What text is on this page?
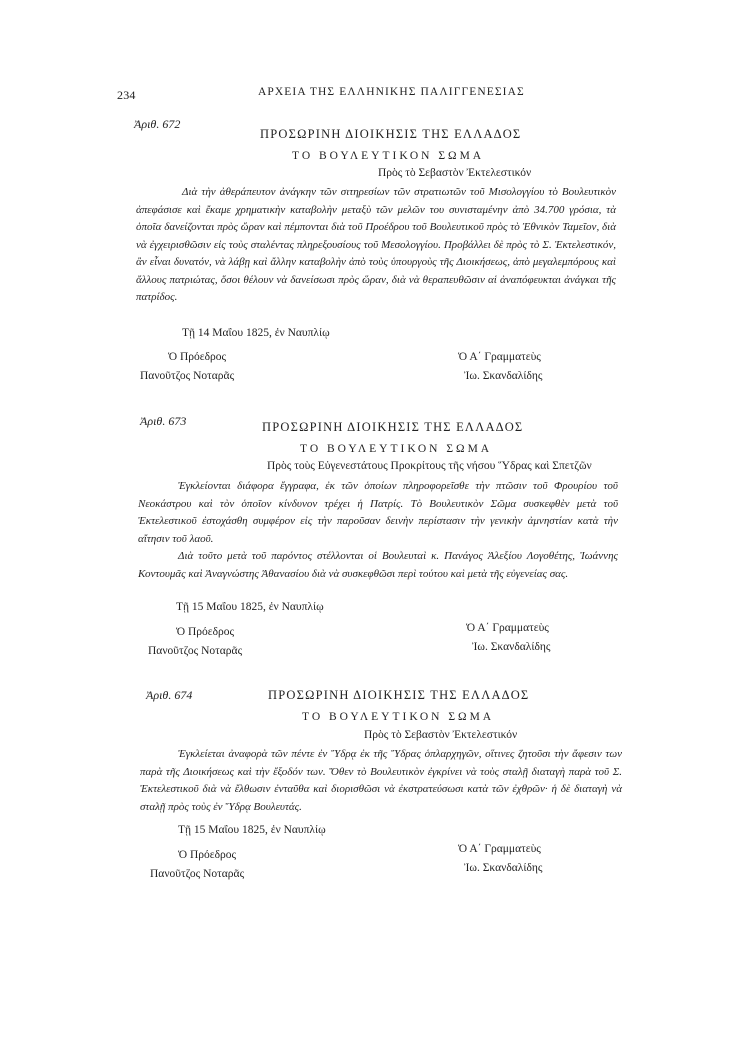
234	ΑΡΧΕΙΑ ΤΗΣ ΕΛΛΗΝΙΚΗΣ ΠΑΛΙΓΓΕΝΕΣΙΑΣ
Ἀριθ. 672
ΠΡΟΣΩΡΙΝΗ ΔΙΟΙΚΗΣΙΣ ΤΗΣ ΕΛΛΑΔΟΣ
ΤΟ ΒΟΥΛΕΥΤΙΚΟΝ ΣΩΜΑ
Πρὸς τὸ Σεβαστὸν Ἐκτελεστικόν
Διὰ τὴν ἀθεράπευτον ἀνάγκην τῶν σιτηρεσίων τῶν στρατιωτῶν τοῦ Μισολογγίου τὸ Βουλευτικὸν ἀπεφάσισε καὶ ἔκαμε χρηματικὴν καταβολὴν μεταξὺ τῶν μελῶν του συνισταμένην ἀπὸ 34.700 γρόσια, τὰ ὁποῖα δανείζονται πρὸς ὥραν καὶ πέμπονται διὰ τοῦ Προέδρου τοῦ Βουλευτικοῦ πρὸς τὸ Ἐθνικὸν Ταμεῖον, διὰ νὰ ἐγχειρισθῶσιν εἰς τοὺς σταλέντας πληρεξουσίους τοῦ Μεσολογγίου. Προβάλλει δὲ πρὸς τὸ Σ. Ἐκτελεστικόν, ἂν εἶναι δυνατόν, νὰ λάβῃ καὶ ἄλλην καταβολὴν ἀπὸ τοὺς ὑπουργοὺς τῆς Διοικήσεως, ἀπὸ μεγαλεμπόρους καὶ ἄλλους πατριώτας, ὅσοι θέλουν νὰ δανείσωσι πρὸς ὥραν, διὰ νὰ θεραπευθῶσιν αἱ ἀναπόφευκται ἀνάγκαι τῆς πατρίδος.
Τῇ 14 Μαΐου 1825, ἐν Ναυπλίῳ
Ὁ Πρόεδρος
Πανοῦτζος Νοταρᾶς
Ὁ Α΄ Γραμματεὺς
Ἰω. Σκανδαλίδης
Ἀριθ. 673	ΠΡΟΣΩΡΙΝΗ ΔΙΟΙΚΗΣΙΣ ΤΗΣ ΕΛΛΑΔΟΣ
ΤΟ ΒΟΥΛΕΥΤΙΚΟΝ ΣΩΜΑ
Πρὸς τοὺς Εὐγενεστάτους Προκρίτους τῆς νήσου Ὕδρας καὶ Σπετζῶν
Ἐγκλείονται διάφορα ἔγγραφα, ἐκ τῶν ὁποίων πληροφορεῖσθε τὴν πτῶσιν τοῦ Φρουρίου τοῦ Νεοκάστρου καὶ τὸν ὁποῖον κίνδυνον τρέχει ἡ Πατρίς. Τὸ Βουλευτικὸν Σῶμα συσκεφθὲν μετὰ τοῦ Ἐκτελεστικοῦ ἐστοχάσθη συμφέρον εἰς τὴν παροῦσαν δεινὴν περίστασιν τὴν γενικὴν ἀμνηστίαν κατὰ τὴν αἴτησιν τοῦ λαοῦ.
Διὰ τοῦτο μετὰ τοῦ παρόντος στέλλονται οἱ Βουλευταὶ κ. Πανάγος Ἀλεξίου Λογοθέτης, Ἰωάννης Κοντουμᾶς καὶ Ἀναγνώστης Ἀθανασίου διὰ νὰ συσκεφθῶσι περὶ τούτου καὶ μετὰ τῆς εὐγενείας σας.
Τῇ 15 Μαΐου 1825, ἐν Ναυπλίῳ
Ὁ Πρόεδρος
Πανοῦτζος Νοταρᾶς
Ὁ Α΄ Γραμματεὺς
Ἰω. Σκανδαλίδης
Ἀριθ. 674	ΠΡΟΣΩΡΙΝΗ ΔΙΟΙΚΗΣΙΣ ΤΗΣ ΕΛΛΑΔΟΣ
ΤΟ ΒΟΥΛΕΥΤΙΚΟΝ ΣΩΜΑ
Πρὸς τὸ Σεβαστὸν Ἐκτελεστικόν
Ἐγκλείεται ἀναφορὰ τῶν πέντε ἐν Ὕδρᾳ ἐκ τῆς Ὕδρας ὁπλαρχηγῶν, οἵτινες ζητοῦσι τὴν ἄφεσιν των παρὰ τῆς Διοικήσεως καὶ τὴν ἔξοδόν των. Ὅθεν τὸ Βουλευτικὸν ἐγκρίνει νὰ τοὺς σταλῇ διαταγὴ παρὰ τοῦ Σ. Ἐκτελεστικοῦ διὰ νὰ ἔλθωσιν ἐνταῦθα καὶ διορισθῶσι νὰ ἐκστρατεύσωσι κατὰ τῶν ἐχθρῶν· ἡ δὲ διαταγὴ νὰ σταλῇ πρὸς τοὺς ἐν Ὕδρᾳ Βουλευτάς.
Τῇ 15 Μαΐου 1825, ἐν Ναυπλίῳ
Ὁ Πρόεδρος
Πανοῦτζος Νοταρᾶς
Ὁ Α΄ Γραμματεὺς
Ἰω. Σκανδαλίδης
